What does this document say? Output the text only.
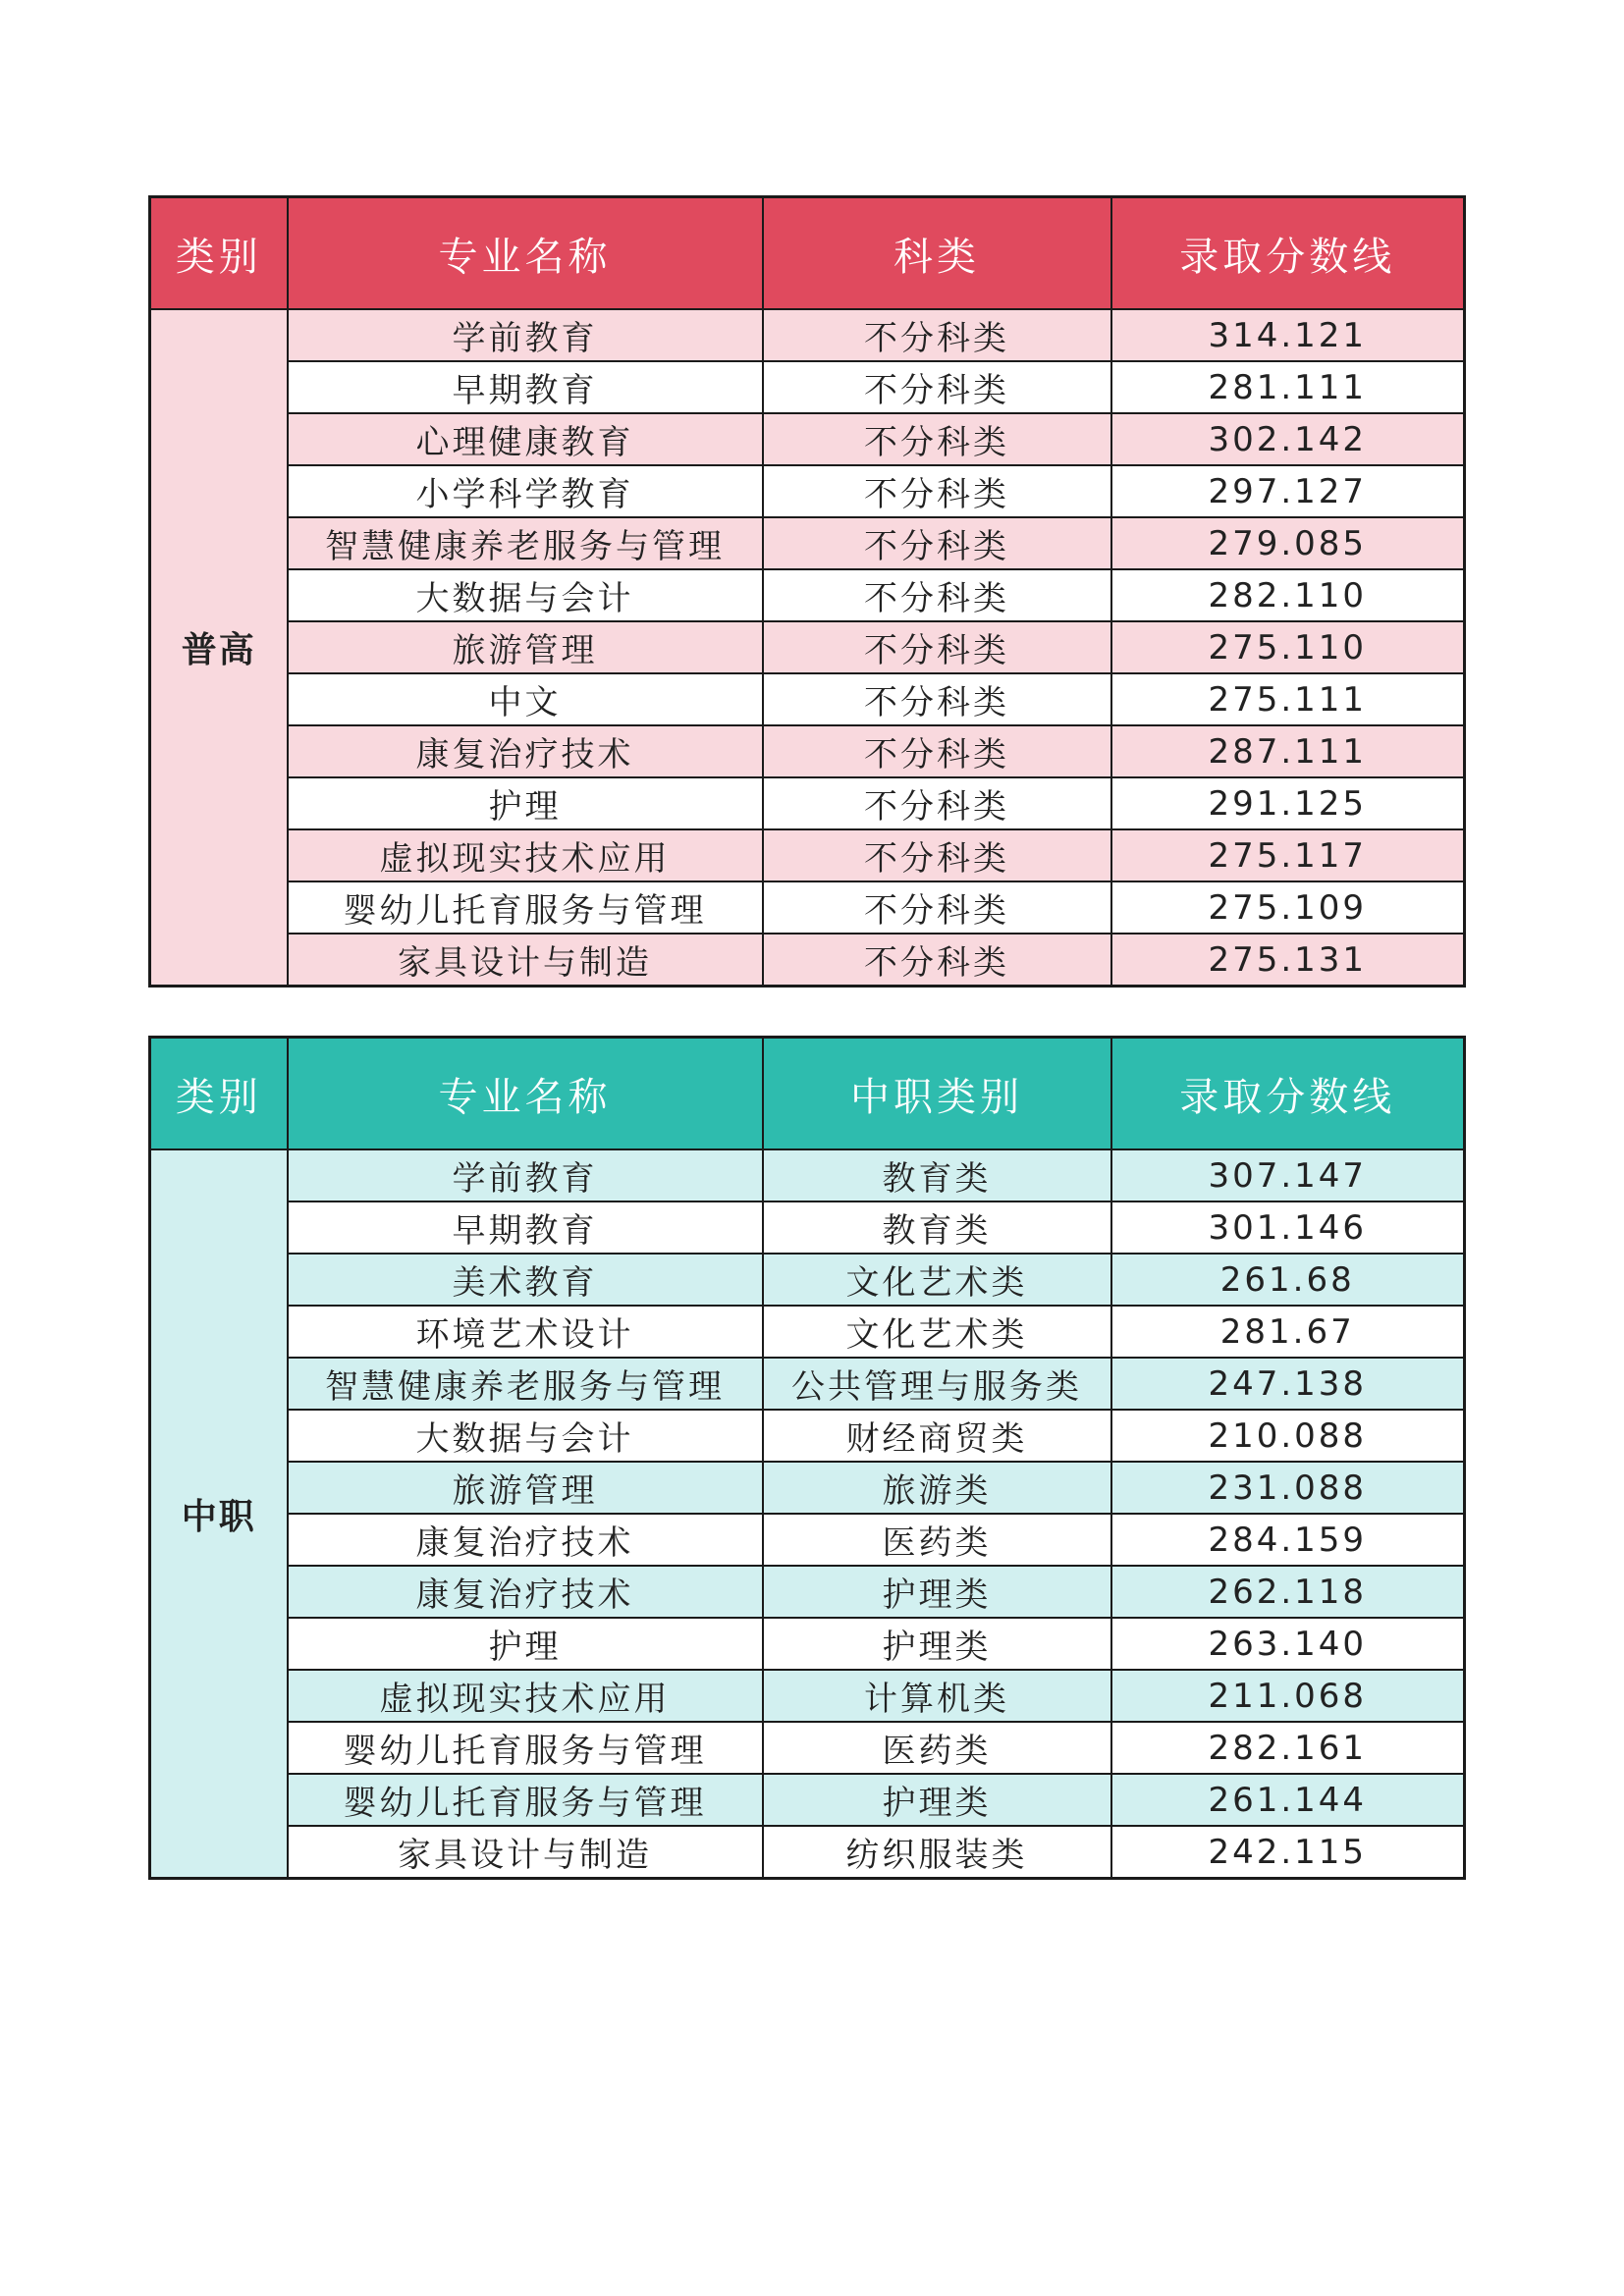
类别	专业名称	科类	录取分数线
普高	学前教育	不分科类	314.121
	早期教育	不分科类	281.111
	心理健康教育	不分科类	302.142
	小学科学教育	不分科类	297.127
	智慧健康养老服务与管理	不分科类	279.085
	大数据与会计	不分科类	282.110
	旅游管理	不分科类	275.110
	中文	不分科类	275.111
	康复治疗技术	不分科类	287.111
	护理	不分科类	291.125
	虚拟现实技术应用	不分科类	275.117
	婴幼儿托育服务与管理	不分科类	275.109
	家具设计与制造	不分科类	275.131
类别	专业名称	中职类别	录取分数线
中职	学前教育	教育类	307.147
	早期教育	教育类	301.146
	美术教育	文化艺术类	261.68
	环境艺术设计	文化艺术类	281.67
	智慧健康养老服务与管理	公共管理与服务类	247.138
	大数据与会计	财经商贸类	210.088
	旅游管理	旅游类	231.088
	康复治疗技术	医药类	284.159
	康复治疗技术	护理类	262.118
	护理	护理类	263.140
	虚拟现实技术应用	计算机类	211.068
	婴幼儿托育服务与管理	医药类	282.161
	婴幼儿托育服务与管理	护理类	261.144
	家具设计与制造	纺织服装类	242.115
